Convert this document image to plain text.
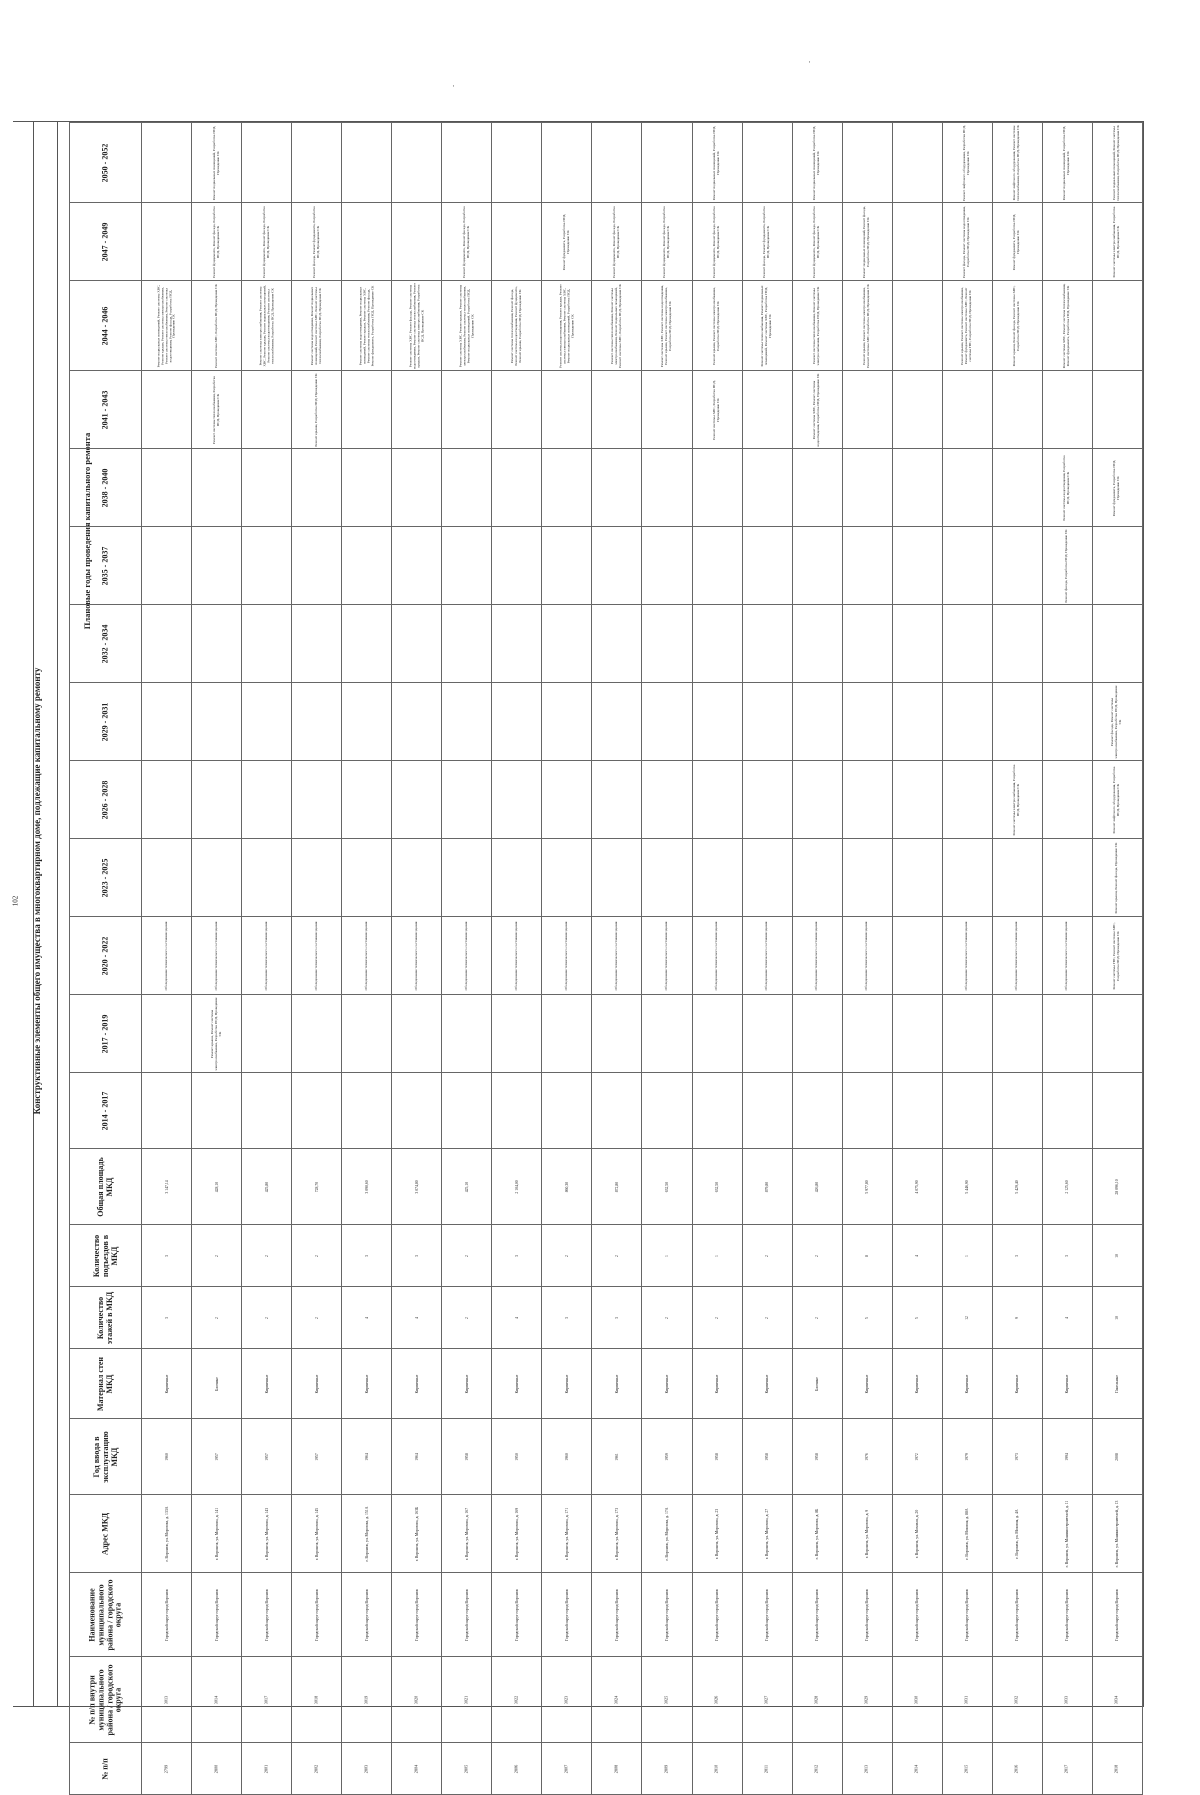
102
·
·
Конструктивные элементы общего имущества в многоквартирном доме, подлежащие капитальному ремонту
Плановые годы проведения капитального ремонта
2050 - 2052		Ремонт подвальных помещений, Разработка ПСД, Проведение СК										Ремонт подвальных помещений, Разработка ПСД, Проведение СК		Ремонт подвальных помещений, Разработка ПСД, Проведение СК			Ремонт лифтового оборудования, Разработка ПСД, Проведение СК	Ремонт лифтового оборудования, Ремонт системы теплоснабжения, Разработка ПСД, Проведение СК	Ремонт подвальных помещений, Разработка ПСД, Проведение СК	Ремонт подвальных помещений, Ремонт системы теплоснабжения, Разработка ПСД, Проведение СК

2047 - 2049		Ремонт фундамента, Ремонт фасада, Разработка ПСД, Проведение СК	Ремонт фундамента, Ремонт фасада, Разработка ПСД, Проведение СК	Ремонт фасада, Ремонт фундамента, Разработка ПСД, Проведение СК			Ремонт фундамента, Ремонт фасада, Разработка ПСД, Проведение СК		Ремонт фундамента, Разработка ПСД, Проведение СК	Ремонт фундамента, Ремонт фасада, Разработка ПСД, Проведение СК	Ремонт фундамента, Ремонт фасада, Разработка ПСД, Проведение СК	Ремонт фундамента, Ремонт фасада, Разработка ПСД, Проведение СК	Ремонт фасада, Ремонт фундамента, Разработка ПСД, Проведение СК	Ремонт фундамента, Ремонт фасада, Разработка ПСД, Проведение СК	Ремонт подвальных помещений, Ремонт фасада, Разработка ПСД, Проведение СК		Ремонт фасада, Ремонт системы водоотведения, Разработка ПСД, Проведение СК	Ремонт фундамента, Разработка ПСД, Проведение СК		Ремонт системы электроснабжения, Разработка ПСД, Проведение СК

2044 - 2046	Ремонт подвальных помещений, Ремонт системы ХВС, Ремонт крыши, Ремонт системы электроснабжения, Ремонт системы теплоснабжения, Ремонт системы водоотведения, Ремонт фасада, Разработка ПСД, Проведение СК	Ремонт системы ХВС, Разработка ПСД, Проведение СК	Ремонт системы электроснабжения, Ремонт системы ХВС, Ремонт крыши, Ремонт подвальных помещений, Ремонт системы водоотведения, Ремонт системы теплоснабжения, Разработка ПСД, Проведение СК	Ремонт системы водоотведения, Ремонт подвальных помещений, Ремонт системы ХВС, Ремонт системы теплоснабжения, Разработка ПСД, Проведение СК	Ремонт системы водоотведения, Ремонт подвальных помещений, Ремонт крыши, Ремонт системы ХВС, Ремонт системы теплоснабжения, Ремонт фасада, Ремонт фундамента, Разработка ПСД, Проведение СК	Ремонт системы ХВС, Ремонт фасада, Ремонт системы водоотведения, Ремонт системы теплоснабжения, Ремонт крыши, Ремонт системы электроснабжения, Разработка ПСД, Проведение СК	Ремонт системы ХВС, Ремонт крыши, Ремонт системы электроснабжения, Ремонт системы теплоснабжения, Ремонт подвальных помещений, Разработка ПСД, Проведение СК	Ремонт системы теплоснабжения, Ремонт фасада, Ремонт системы водоотведения, Ремонт фундамента, Ремонт крыши, Разработка ПСД, Проведение СК	Ремонт системы водоотведения, Ремонт крыши, Ремонт системы электроснабжения, Ремонт системы ХВС, Ремонт подвальных помещений, Разработка ПСД, Проведение СК	Ремонт системы теплоснабжения, Ремонт системы электроснабжения, Ремонт подвальных помещений, Ремонт системы ХВС, Разработка ПСД, Проведение СК	Ремонт системы ХВС, Ремонт системы водоотведения, Ремонт крыши, Ремонт системы электроснабжения, Разработка ПСД, Проведение СК	Ремонт крыши, Ремонт системы электроснабжения, Разработка ПСД, Проведение СК	Ремонт системы теплоснабжения, Ремонт подвальных помещений, Ремонт системы ХВС, Разработка ПСД, Проведение СК	Ремонт системы теплоснабжения, Ремонт системы электроснабжения, Разработка ПСД, Проведение СК	Ремонт крыши, Ремонт системы электроснабжения, Ремонт системы ХВС, Разработка ПСД, Проведение СК		Ремонт крыши, Ремонт системы электроснабжения, Ремонт фундамента, Ремонт системы ХВС, Ремонт системы ГВС, Разработка ПСД, Проведение СК	Ремонт крыши, Ремонт фасада, Ремонт системы ХВС, Разработка ПСД, Проведение СК	Ремонт системы ХВС, Ремонт системы теплоснабжения, Ремонт фундамента, Разработка ПСД, Проведение СК	

2041 - 2043		Ремонт системы теплоснабжения, Разработка ПСД, Проведение СК		Ремонт крыши, Разработка ПСД, Проведение СК								Ремонт системы ХВС, Разработка ПСД, Проведение СК		Ремонт системы ХВС, Ремонт системы водоотведения, Разработка ПСД, Проведение СК						

2038 - 2040																			Ремонт системы водоотведения, Разработка ПСД, Проведение СК	Ремонт фундамента, Разработка ПСД, Проведение СК

2035 - 2037																			Ремонт фасада, Разработка ПСД, Проведение СК	

2032 - 2034																				

2029 - 2031																				Ремонт фасада, Ремонт системы электроснабжения, Разработка ПСД, Проведение СК

2026 - 2028																		Ремонт системы электроснабжения, Разработка ПСД, Проведение СК		Ремонт лифтового оборудования, Разработка ПСД, Проведение СК

2023 - 2025																				Ремонт крыши, Ремонт фасада, Проведение СК

2020 - 2022	Обследование технического состояния здания	Обследование технического состояния здания	Обследование технического состояния здания	Обследование технического состояния здания	Обследование технического состояния здания	Обследование технического состояния здания	Обследование технического состояния здания	Обследование технического состояния здания	Обследование технического состояния здания	Обследование технического состояния здания	Обследование технического состояния здания	Обследование технического состояния здания	Обследование технического состояния здания	Обследование технического состояния здания	Обследование технического состояния здания		Обследование технического состояния здания	Обследование технического состояния здания	Обследование технического состояния здания	Ремонт системы ГВС, Ремонт системы ХВС, Разработка ПСД, Проведение СК

2017 - 2019		Ремонт крыши, Ремонт системы электроснабжения, Разработка ПСД, Проведение СК																		

2014 - 2017																				

Общая площадь МКД	3 147,14	428,10	425,80	728,70	3 090,60	3 074,80	425,10	2 104,00	860,30	872,80	632,50	632,50	879,80	426,80	5 977,80	4 075,90	5 446,90	5 429,40	2 125,60	28 096,10

Количество подъездов в МКД	3	2	2	2	3	3	2	3	2	2	1	1	2	2	8	4	1	3	3	10

Количество этажей в МКД	3	2	2	2	4	4	2	4	3	3	2	2	2	2	5	5	12	9	4	10

Материал стен МКД	Кирпичные	Блочные	Кирпичные	Кирпичные	Кирпичные	Кирпичные	Кирпичные	Кирпичные	Кирпичные	Кирпичные	Кирпичные	Кирпичные	Кирпичные	Блочные	Кирпичные	Кирпичные	Кирпичные	Кирпичные	Кирпичные	Панельные

Год ввода в эксплуатацию МКД	1960	1957	1957	1957	1964	1964	1958	1950	1960	1961	1959	1958	1958	1958	1976	1972	1979	1973	1994	2008

Адрес МКД	г. Воронеж, ул. Морозова, д. 133А	г. Воронеж, ул. Морозова, д. 141	г. Воронеж, ул. Морозова, д. 143	г. Воронеж, ул. Морозова, д. 145	г. Воронеж, ул. Морозова, д. 151А	г. Воронеж, ул. Морозова, д. 163Б	г. Воронеж, ул. Морозова, д. 167	г. Воронеж, ул. Морозова, д. 169	г. Воронеж, ул. Морозова, д. 171	г. Воронеж, ул. Морозова, д. 173	г. Воронеж, ул. Морозова, д. 17А	г. Воронеж, ул. Морозова, д. 23	г. Воронеж, ул. Морозова, д. 27	г. Воронеж, ул. Морозова, д. 8Б	г. Воронеж, ул. Морозова, д. 9	г. Воронеж, ул. Моховая, д. 20	г. Воронеж, ул. Моховая, д. 88А	г. Воронеж, ул. Моховая, д. 4А	г. Воронеж, ул. Машиностроителей, д. 11	г. Воронеж, ул. Машиностроителей, д. 13

Наименование муниципального района / городского округа	Городской округ город Воронеж	Городской округ город Воронеж	Городской округ город Воронеж	Городской округ город Воронеж	Городской округ город Воронеж	Городской округ город Воронеж	Городской округ город Воронеж	Городской округ город Воронеж	Городской округ город Воронеж	Городской округ город Воронеж	Городской округ город Воронеж	Городской округ город Воронеж	Городской округ город Воронеж	Городской округ город Воронеж	Городской округ город Воронеж	Городской округ город Воронеж	Городской округ город Воронеж	Городской округ город Воронеж	Городской округ город Воронеж	Городской округ город Воронеж

№ п/п внутри муниципального района / городского округа	3013	3014	3017	3018	3019	3020	3021	3022	3023	3024	3025	3026	3027	3028	3029	3030	3031	3032	3033	3034

№ п/п	2799	2800	2801	2802	2803	2804	2805	2806	2807	2808	2809	2810	2811	2812	2813	2814	2815	2816	2817	2818
